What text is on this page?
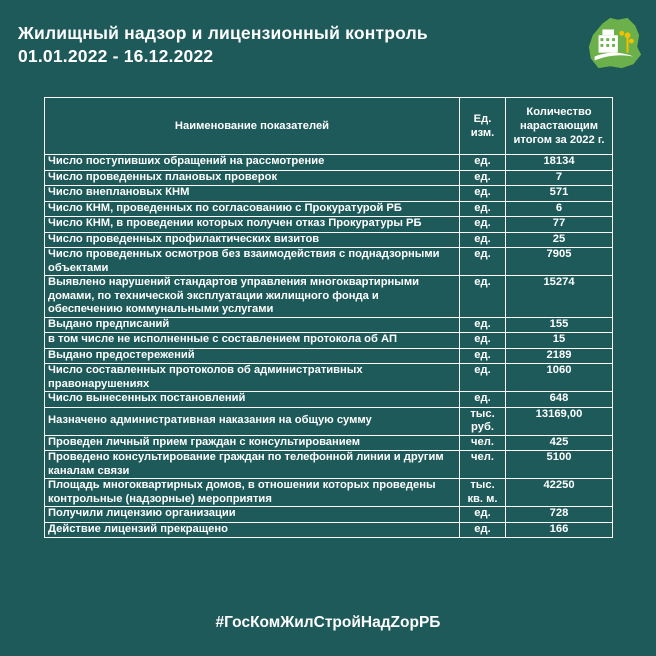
Жилищный надзор и лицензионный контроль
01.01.2022 - 16.12.2022
Наименование показателей	Ед. изм.	Количество нарастающим итогом за 2022 г.
Число поступивших обращений на рассмотрение	ед.	18134
Число проведенных плановых проверок	ед.	7
Число внеплановых КНМ	ед.	571
Число КНМ, проведенных по согласованию с Прокуратурой РБ	ед.	6
Число КНМ, в проведении которых получен отказ Прокуратуры РБ	ед.	77
Число проведенных профилактических визитов	ед.	25
Число проведенных осмотров без взаимодействия с поднадзорными объектами	ед.	7905
Выявлено нарушений стандартов управления многоквартирными домами, по технической эксплуатации жилищного фонда и обеспечению коммунальными услугами	ед.	15274
Выдано предписаний	ед.	155
в том числе не исполненные с составлением протокола об АП	ед.	15
Выдано предостережений	ед.	2189
Число составленных протоколов об административных правонарушениях	ед.	1060
Число вынесенных постановлений	ед.	648
Назначено административная наказания на общую сумму	тыс. руб.	13169,00
Проведен личный прием граждан с консультированием	чел.	425
Проведено консультирование граждан по телефонной линии и другим каналам связи	чел.	5100
Площадь многоквартирных домов, в отношении которых проведены контрольные (надзорные) мероприятия	тыс. кв. м.	42250
Получили лицензию организации	ед.	728
Действие лицензий прекращено	ед.	166
#ГосКомЖилСтройНадZорРБ
